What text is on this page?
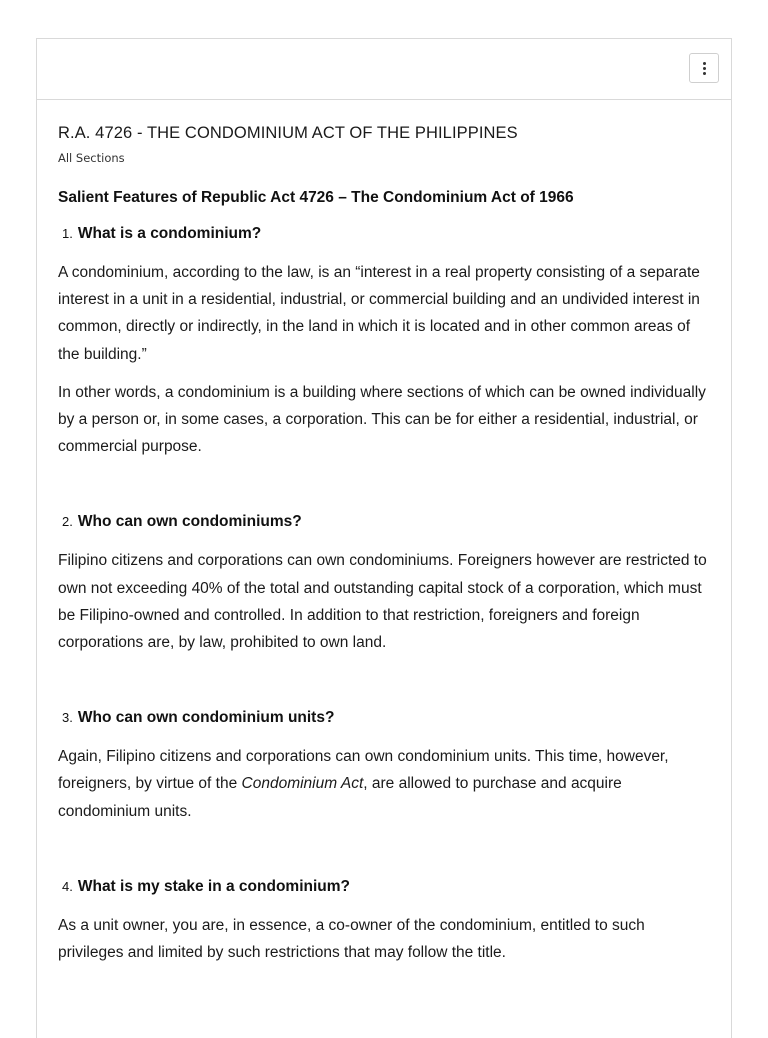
R.A. 4726 - THE CONDOMINIUM ACT OF THE PHILIPPINES
All Sections
Salient Features of Republic Act 4726 – The Condominium Act of 1966
1. What is a condominium?

A condominium, according to the law, is an “interest in a real property consisting of a separate interest in a unit in a residential, industrial, or commercial building and an undivided interest in common, directly or indirectly, in the land in which it is located and in other common areas of the building.”

In other words, a condominium is a building where sections of which can be owned individually by a person or, in some cases, a corporation. This can be for either a residential, industrial, or commercial purpose.

2. Who can own condominiums?

Filipino citizens and corporations can own condominiums. Foreigners however are restricted to own not exceeding 40% of the total and outstanding capital stock of a corporation, which must be Filipino-owned and controlled. In addition to that restriction, foreigners and foreign corporations are, by law, prohibited to own land.

3. Who can own condominium units?

Again, Filipino citizens and corporations can own condominium units. This time, however, foreigners, by virtue of the Condominium Act, are allowed to purchase and acquire condominium units.

4. What is my stake in a condominium?

As a unit owner, you are, in essence, a co-owner of the condominium, entitled to such privileges and limited by such restrictions that may follow the title.
